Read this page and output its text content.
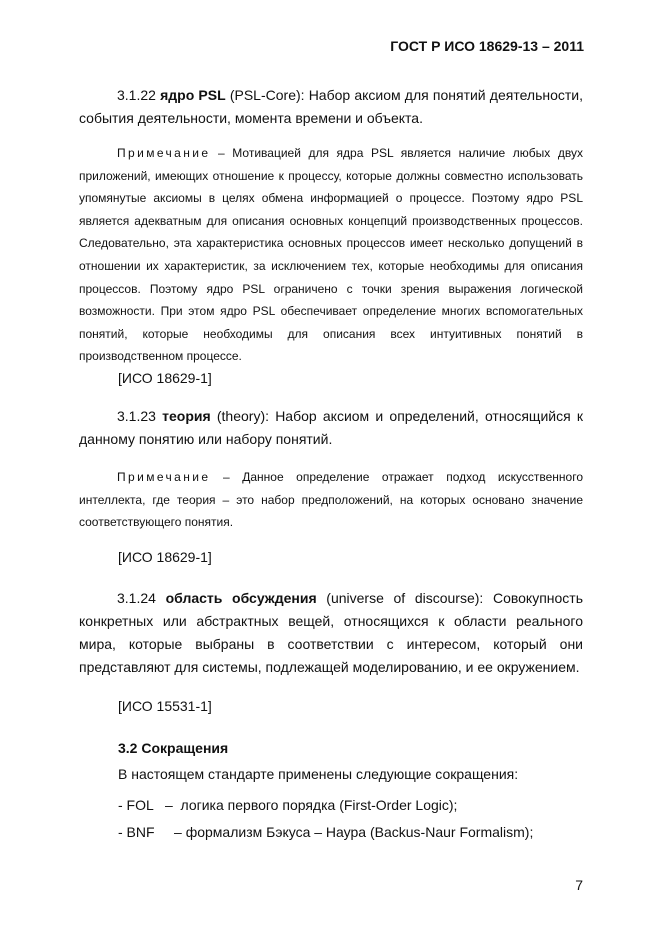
ГОСТ Р ИСО 18629-13 – 2011
3.1.22 ядро PSL (PSL-Core): Набор аксиом для понятий деятельности, события деятельности, момента времени и объекта.
Примечание – Мотивацией для ядра PSL является наличие любых двух приложений, имеющих отношение к процессу, которые должны совместно использовать упомянутые аксиомы в целях обмена информацией о процессе. Поэтому ядро PSL является адекватным для описания основных концепций производственных процессов. Следовательно, эта характеристика основных процессов имеет несколько допущений в отношении их характеристик, за исключением тех, которые необходимы для описания процессов. Поэтому ядро PSL ограничено с точки зрения выражения логической возможности. При этом ядро PSL обеспечивает определение многих вспомогательных понятий, которые необходимы для описания всех интуитивных понятий в производственном процессе.
[ИСО 18629-1]
3.1.23 теория (theory): Набор аксиом и определений, относящийся к данному понятию или набору понятий.
Примечание – Данное определение отражает подход искусственного интеллекта, где теория – это набор предположений, на которых основано значение соответствующего понятия.
[ИСО 18629-1]
3.1.24 область обсуждения (universe of discourse): Совокупность конкретных или абстрактных вещей, относящихся к области реального мира, которые выбраны в соответствии с интересом, который они представляют для системы, подлежащей моделированию, и ее окружением.
[ИСО 15531-1]
3.2 Сокращения
В настоящем стандарте применены следующие сокращения:
- FOL – логика первого порядка (First-Order Logic);
- BNF – формализм Бэкуса – Наура (Backus-Naur Formalism);
7
